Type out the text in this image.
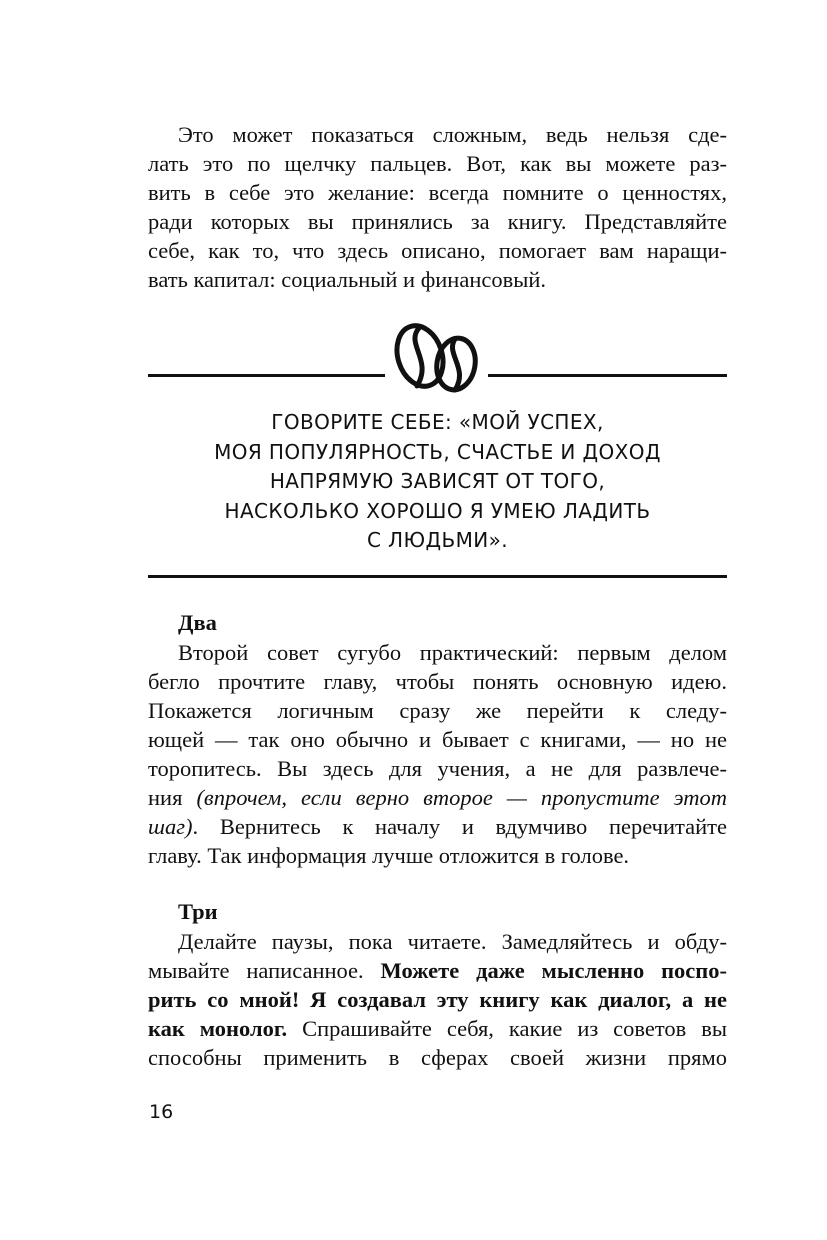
Это может показаться сложным, ведь нельзя сде-
лать это по щелчку пальцев. Вот, как вы можете раз-
вить в себе это желание: всегда помните о ценностях,
ради которых вы принялись за книгу. Представляйте
себе, как то, что здесь описано, помогает вам наращи-
вать капитал: социальный и финансовый.
ГОВОРИТЕ СЕБЕ: «МОЙ УСПЕХ,
МОЯ ПОПУЛЯРНОСТЬ, СЧАСТЬЕ И ДОХОД
НАПРЯМУЮ ЗАВИСЯТ ОТ ТОГО,
НАСКОЛЬКО ХОРОШО Я УМЕЮ ЛАДИТЬ
С ЛЮДЬМИ».
Два
Второй совет сугубо практический: первым делом
бегло прочтите главу, чтобы понять основную идею.
Покажется логичным сразу же перейти к следу-
ющей — так оно обычно и бывает с книгами, — но не
торопитесь. Вы здесь для учения, а не для развлече-
ния (впрочем, если верно второе — пропустите этот
шаг). Вернитесь к началу и вдумчиво перечитайте
главу. Так информация лучше отложится в голове.
Три
Делайте паузы, пока читаете. Замедляйтесь и обду-
мывайте написанное. Можете даже мысленно поспо-
рить со мной! Я создавал эту книгу как диалог, а не
как монолог. Спрашивайте себя, какие из советов вы
способны применить в сферах своей жизни прямо
16
